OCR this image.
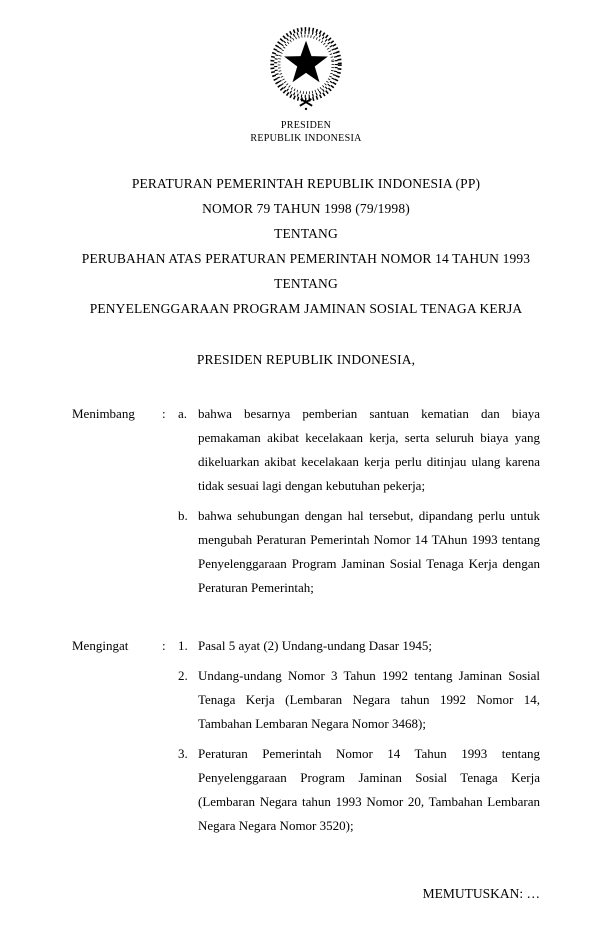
PRESIDEN
REPUBLIK INDONESIA
PERATURAN PEMERINTAH REPUBLIK INDONESIA (PP)
NOMOR 79 TAHUN 1998 (79/1998)
TENTANG
PERUBAHAN ATAS PERATURAN PEMERINTAH NOMOR 14 TAHUN 1993
TENTANG
PENYELENGGARAAN PROGRAM JAMINAN SOSIAL TENAGA KERJA
PRESIDEN REPUBLIK INDONESIA,
Menimbang	: a. bahwa besarnya pemberian santuan kematian dan biaya pemakaman akibat kecelakaan kerja, serta seluruh biaya yang dikeluarkan akibat kecelakaan kerja perlu ditinjau ulang karena tidak sesuai lagi dengan kebutuhan pekerja;
b. bahwa sehubungan dengan hal tersebut, dipandang perlu untuk mengubah Peraturan Pemerintah Nomor 14 TAhun 1993 tentang Penyelenggaraan Program Jaminan Sosial Tenaga Kerja dengan Peraturan Pemerintah;
Mengingat	: 1. Pasal 5 ayat (2) Undang-undang Dasar 1945;
2. Undang-undang Nomor 3 Tahun 1992 tentang Jaminan Sosial Tenaga Kerja (Lembaran Negara tahun 1992 Nomor 14, Tambahan Lembaran Negara Nomor 3468);
3. Peraturan Pemerintah Nomor 14 Tahun 1993 tentang Penyelenggaraan Program Jaminan Sosial Tenaga Kerja (Lembaran Negara tahun 1993 Nomor 20, Tambahan Lembaran Negara Negara Nomor 3520);
MEMUTUSKAN: …
